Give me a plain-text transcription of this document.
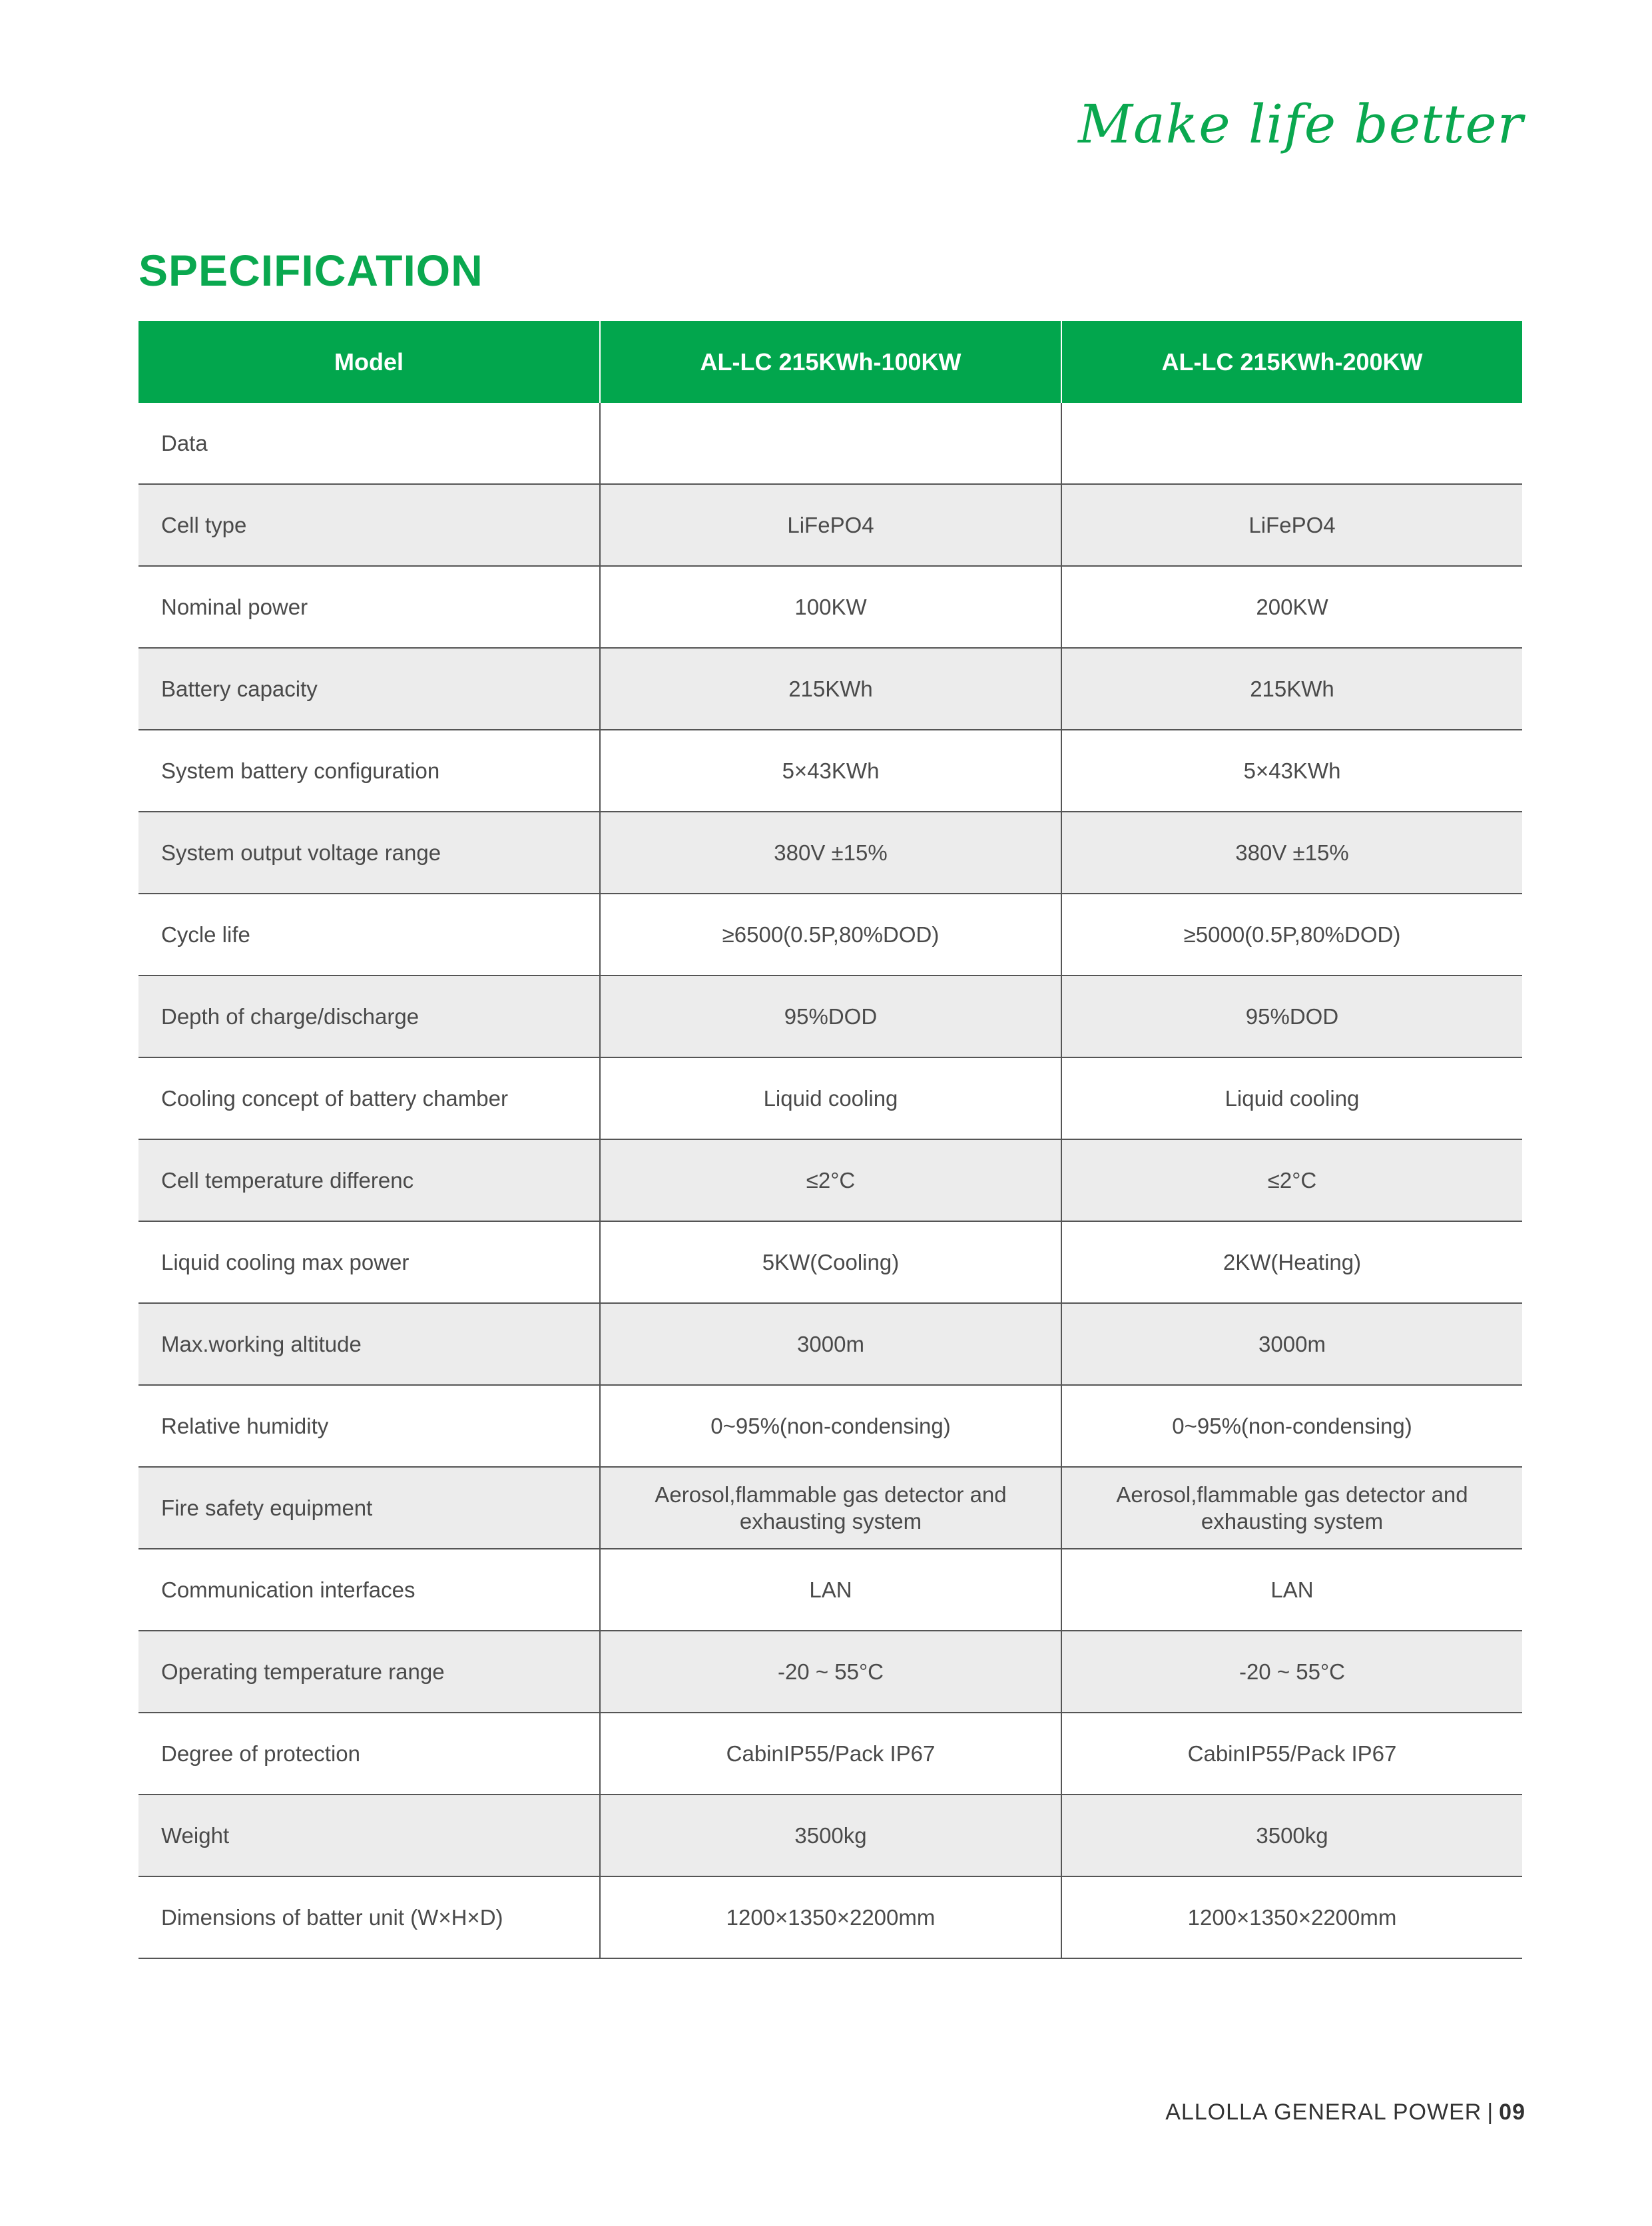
Make life better
SPECIFICATION
Model	AL-LC 215KWh-100KW	AL-LC 215KWh-200KW
Data		
Cell type	LiFePO4	LiFePO4
Nominal power	100KW	200KW
Battery capacity	215KWh	215KWh
System battery configuration	5×43KWh	5×43KWh
System output voltage range	380V ±15%	380V ±15%
Cycle life	≥6500(0.5P,80%DOD)	≥5000(0.5P,80%DOD)
Depth of charge/discharge	95%DOD	95%DOD
Cooling concept of battery chamber	Liquid cooling	Liquid cooling
Cell temperature differenc	≤2°C	≤2°C
Liquid cooling max power	5KW(Cooling)	2KW(Heating)
Max.working altitude	3000m	3000m
Relative humidity	0~95%(non-condensing)	0~95%(non-condensing)
Fire safety equipment	Aerosol,flammable gas detector and exhausting system	Aerosol,flammable gas detector and exhausting system
Communication interfaces	LAN	LAN
Operating temperature range	-20 ~ 55°C	-20 ~ 55°C
Degree of protection	CabinIP55/Pack IP67	CabinIP55/Pack IP67
Weight	3500kg	3500kg
Dimensions of batter unit (W×H×D)	1200×1350×2200mm	1200×1350×2200mm
ALLOLLA GENERAL POWER | 09
